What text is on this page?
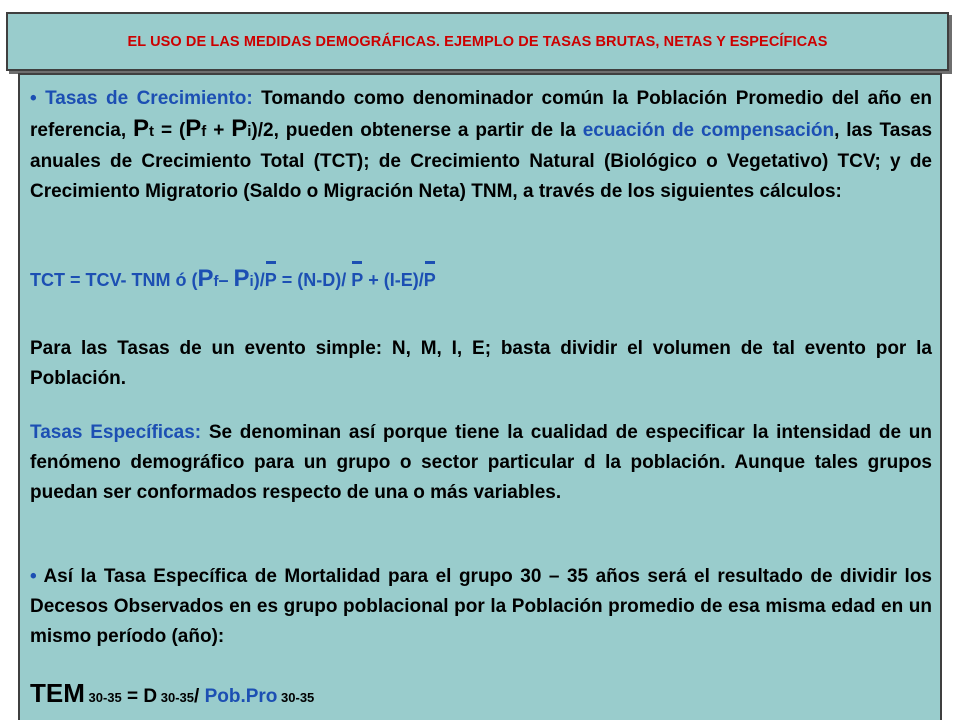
EL USO DE LAS MEDIDAS DEMOGRÁFICAS. EJEMPLO DE TASAS BRUTAS, NETAS Y ESPECÍFICAS

• Tasas de Crecimiento: Tomando como denominador común la Población Promedio del año en referencia, Pt = (Pf + Pi)/2, pueden obtenerse a partir de la ecuación de compensación, las Tasas anuales de Crecimiento Total (TCT); de Crecimiento Natural (Biológico o Vegetativo) TCV; y de Crecimiento Migratorio (Saldo o Migración Neta) TNM, a través de los siguientes cálculos:

TCT = TCV- TNM ó (Pf– Pi)/P = (N-D)/ P + (I-E)/P

Para las Tasas de un evento simple: N, M, I, E; basta dividir el volumen de tal evento por la Población.

Tasas Específicas: Se denominan así porque tiene la cualidad de especificar la intensidad de un fenómeno demográfico para un grupo o sector particular d la población. Aunque tales grupos puedan ser conformados respecto de una o más variables.

• Así la Tasa Específica de Mortalidad para el grupo 30 – 35 años será el resultado de dividir los Decesos Observados en es grupo poblacional por la Población promedio de esa misma edad en un mismo período (año):

TEM 30-35 = D 30-35/ Pob.Pro 30-35
